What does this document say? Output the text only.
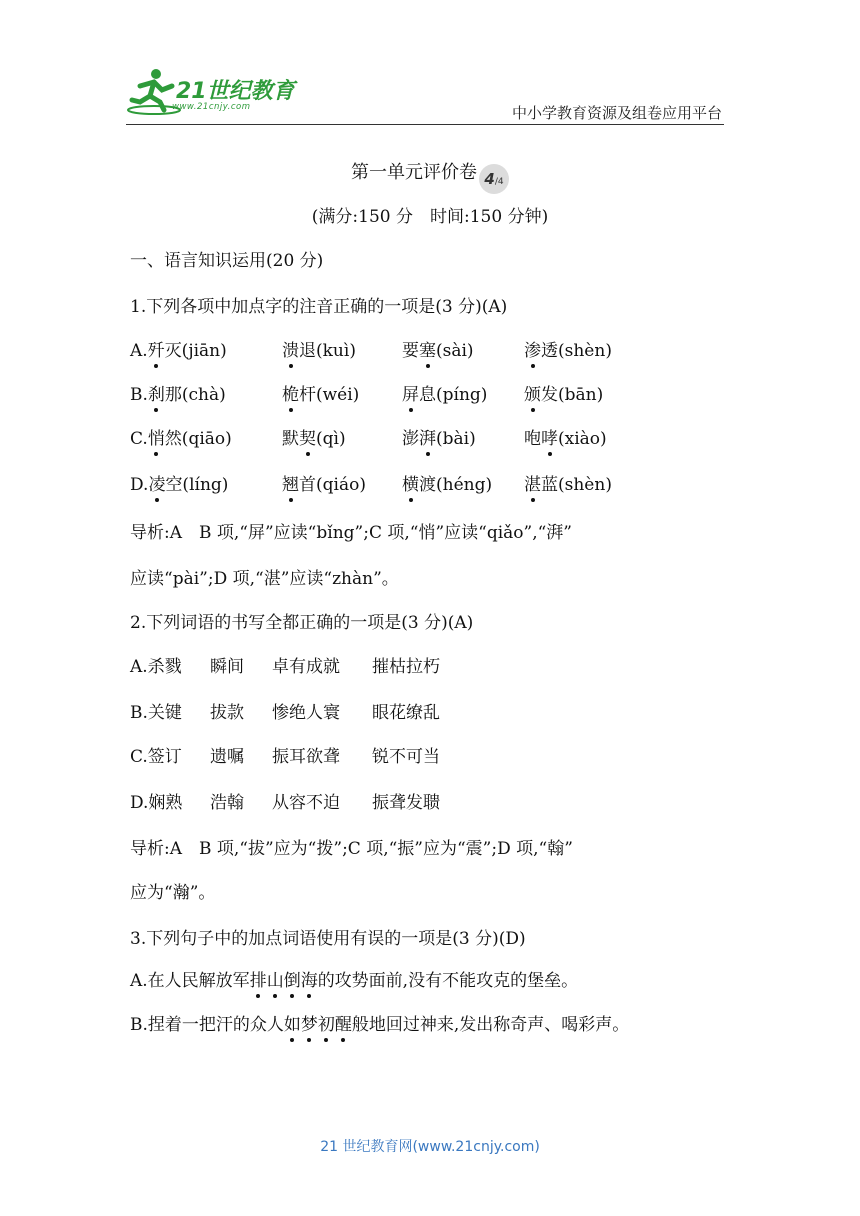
21世纪教育
www.21cnjy.com	中小学教育资源及组卷应用平台
第一单元评价卷 4/4
(满分:150 分　时间:150 分钟)
一、语言知识运用(20 分)
1.下列各项中加点字的注音正确的一项是(3 分)(A)
A.歼灭(jiān)	溃退(kuì)	要塞(sài)	渗透(shèn)
B.刹那(chà)	桅杆(wéi)	屏息(píng) 颁发(bān)
C.悄然(qiāo)	默契(qì)	澎湃(bài)	咆哮(xiào)
D.凌空(líng)	翘首(qiáo) 横渡(héng) 湛蓝(shèn)
导析:A　B 项,“屏”应读“bǐng”;C 项,“悄”应读“qiǎo”,“湃”
应读“pài”;D 项,“湛”应读“zhàn”。
2.下列词语的书写全都正确的一项是(3 分)(A)
A.杀戮 瞬间 卓有成就 摧枯拉朽
B.关键 拔款 惨绝人寰 眼花缭乱
C.签订 遗嘱 振耳欲聋 锐不可当
D.娴熟 浩翰 从容不迫 振聋发聩
导析:A　B 项,“拔”应为“拨”;C 项,“振”应为“震”;D 项,“翰”
应为“瀚”。
3.下列句子中的加点词语使用有误的一项是(3 分)(D)
A.在人民解放军排山倒海的攻势面前,没有不能攻克的堡垒。
B.捏着一把汗的众人如梦初醒般地回过神来,发出称奇声、喝彩声。
21 世纪教育网(www.21cnjy.com)
